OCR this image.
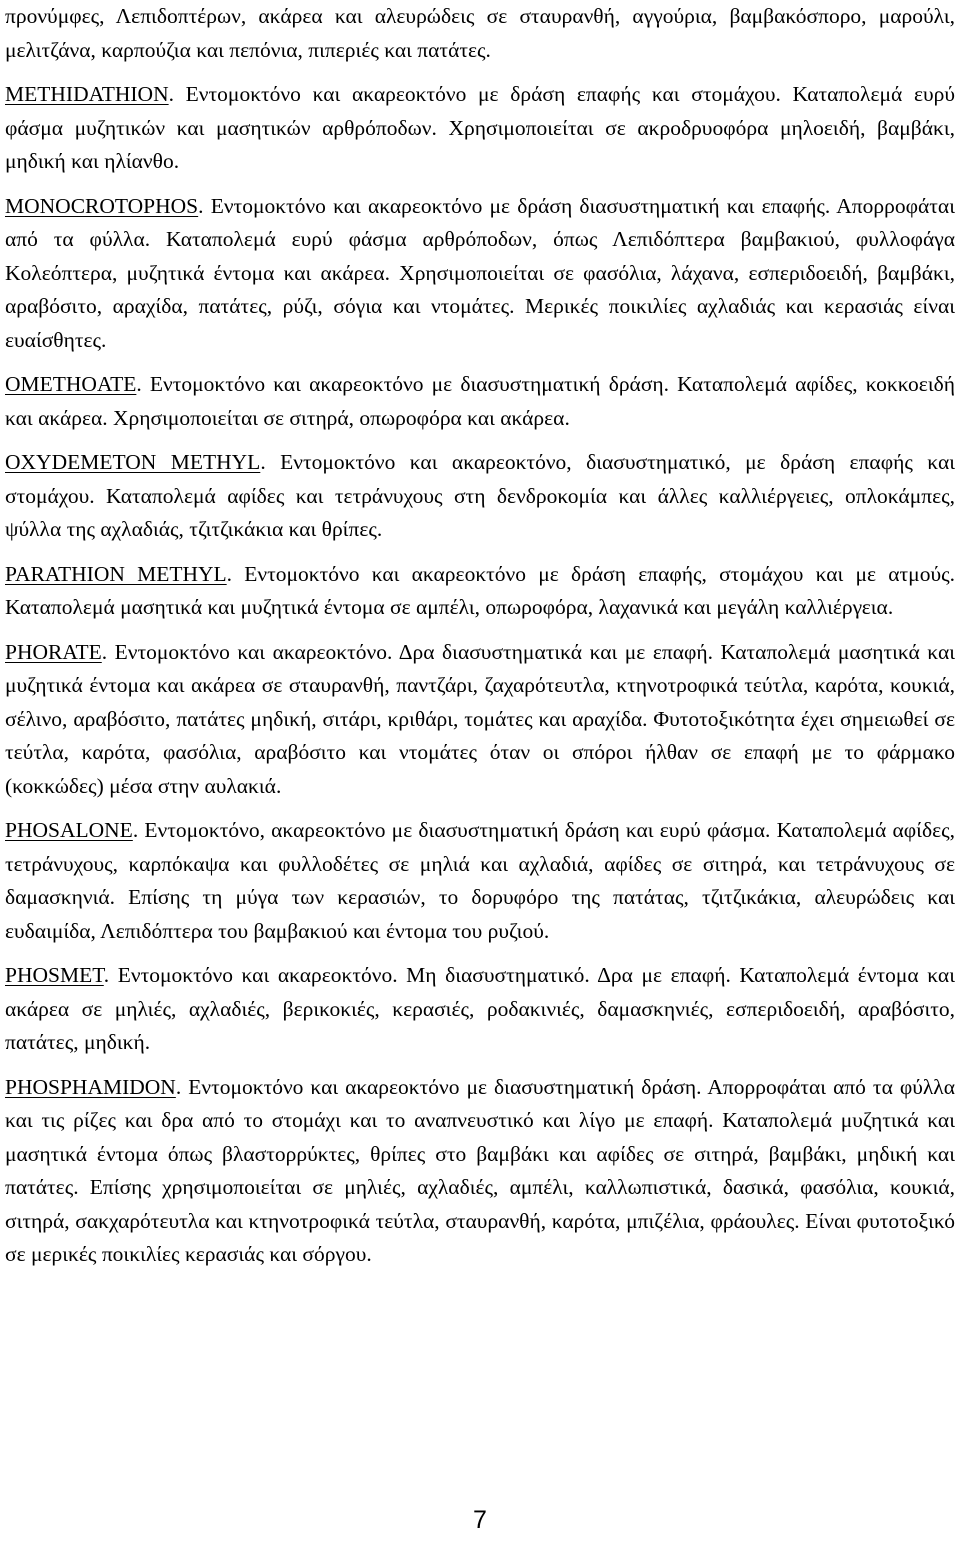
προνύμφες, Λεπιδοπτέρων, ακάρεα και αλευρώδεις σε σταυρανθή, αγγούρια, βαμβακόσπορο, μαρούλι, μελιτζάνα, καρπούζια και πεπόνια, πιπεριές και πατάτες.

METHIDATHION. Εντομοκτόνο και ακαρεοκτόνο με δράση επαφής και στομάχου. Καταπολεμά ευρύ φάσμα μυζητικών και μασητικών αρθρόποδων. Χρησιμοποιείται σε ακροδρυοφόρα μηλοειδή, βαμβάκι, μηδική και ηλίανθο.

MONOCROTOPHOS. Εντομοκτόνο και ακαρεοκτόνο με δράση διασυστηματική και επαφής. Απορροφάται από τα φύλλα. Καταπολεμά ευρύ φάσμα αρθρόποδων, όπως Λεπιδόπτερα βαμβακιού, φυλλοφάγα Κολεόπτερα, μυζητικά έντομα και ακάρεα. Χρησιμοποιείται σε φασόλια, λάχανα, εσπεριδοειδή, βαμβάκι, αραβόσιτο, αραχίδα, πατάτες, ρύζι, σόγια και ντομάτες. Μερικές ποικιλίες αχλαδιάς και κερασιάς είναι ευαίσθητες.

OMETHOATE. Εντομοκτόνο και ακαρεοκτόνο με διασυστηματική δράση. Καταπολεμά αφίδες, κοκκοειδή και ακάρεα. Χρησιμοποιείται σε σιτηρά, οπωροφόρα και ακάρεα.

OXYDEMETON METHYL. Εντομοκτόνο και ακαρεοκτόνο, διασυστηματικό, με δράση επαφής και στομάχου. Καταπολεμά αφίδες και τετράνυχους στη δενδροκομία και άλλες καλλιέργειες, οπλοκάμπες, ψύλλα της αχλαδιάς, τζιτζικάκια και θρίπες.

PARATHION METHYL. Εντομοκτόνο και ακαρεοκτόνο με δράση επαφής, στομάχου και με ατμούς. Καταπολεμά μασητικά και μυζητικά έντομα σε αμπέλι, οπωροφόρα, λαχανικά και μεγάλη καλλιέργεια.

PHORATE. Εντομοκτόνο και ακαρεοκτόνο. Δρα διασυστηματικά και με επαφή. Καταπολεμά μασητικά και μυζητικά έντομα και ακάρεα σε σταυρανθή, παντζάρι, ζαχαρότευτλα, κτηνοτροφικά τεύτλα, καρότα, κουκιά, σέλινο, αραβόσιτο, πατάτες μηδική, σιτάρι, κριθάρι, τομάτες και αραχίδα. Φυτοτοξικότητα έχει σημειωθεί σε τεύτλα, καρότα, φασόλια, αραβόσιτο και ντομάτες όταν οι σπόροι ήλθαν σε επαφή με το φάρμακο (κοκκώδες) μέσα στην αυλακιά.

PHOSALONE. Εντομοκτόνο, ακαρεοκτόνο με διασυστηματική δράση και ευρύ φάσμα. Καταπολεμά αφίδες, τετράνυχους, καρπόκαψα και φυλλοδέτες σε μηλιά και αχλαδιά, αφίδες σε σιτηρά, και τετράνυχους σε δαμασκηνιά. Επίσης τη μύγα των κερασιών, το δορυφόρο της πατάτας, τζιτζικάκια, αλευρώδεις και ευδαιμίδα, Λεπιδόπτερα του βαμβακιού και έντομα του ρυζιού.

PHOSMET. Εντομοκτόνο και ακαρεοκτόνο. Μη διασυστηματικό. Δρα με επαφή. Καταπολεμά έντομα και ακάρεα σε μηλιές, αχλαδιές, βερικοκιές, κερασιές, ροδακινιές, δαμασκηνιές, εσπεριδοειδή, αραβόσιτο, πατάτες, μηδική.

PHOSPHAMIDON. Εντομοκτόνο και ακαρεοκτόνο με διασυστηματική δράση. Απορροφάται από τα φύλλα και τις ρίζες και δρα από το στομάχι και το αναπνευστικό και λίγο με επαφή. Καταπολεμά μυζητικά και μασητικά έντομα όπως βλαστορρύκτες, θρίπες στο βαμβάκι και αφίδες σε σιτηρά, βαμβάκι, μηδική και πατάτες. Επίσης χρησιμοποιείται σε μηλιές, αχλαδιές, αμπέλι, καλλωπιστικά, δασικά, φασόλια, κουκιά, σιτηρά, σακχαρότευτλα και κτηνοτροφικά τεύτλα, σταυρανθή, καρότα, μπιζέλια, φράουλες. Είναι φυτοτοξικό σε μερικές ποικιλίες κερασιάς και σόργου.

7
